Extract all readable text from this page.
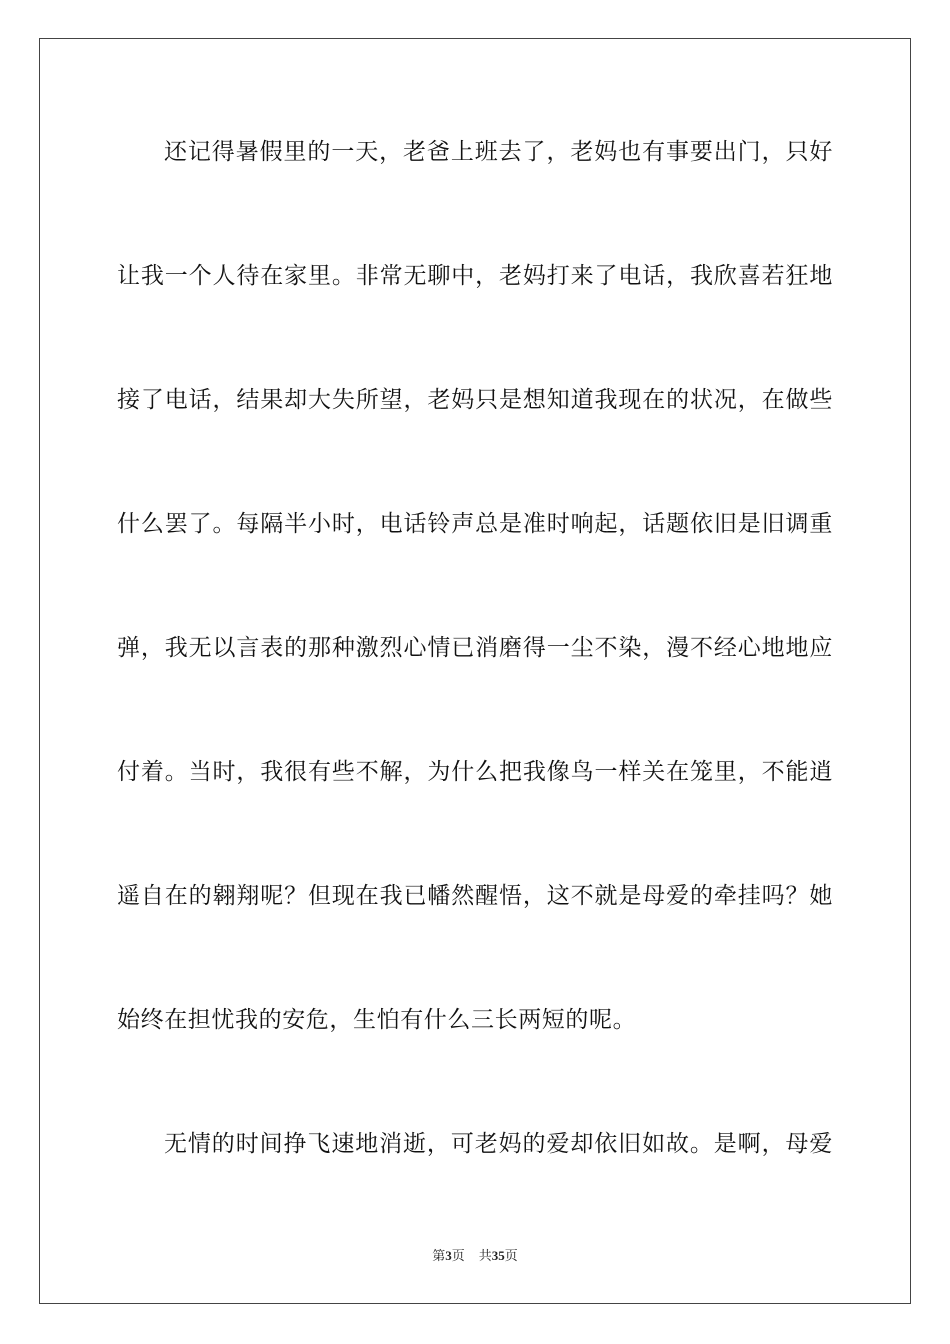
还记得暑假里的一天，老爸上班去了，老妈也有事要出门，只好
让我一个人待在家里。非常无聊中，老妈打来了电话，我欣喜若狂地
接了电话，结果却大失所望，老妈只是想知道我现在的状况，在做些
什么罢了。每隔半小时，电话铃声总是准时响起，话题依旧是旧调重
弹，我无以言表的那种激烈心情已消磨得一尘不染，漫不经心地地应
付着。当时，我很有些不解，为什么把我像鸟一样关在笼里，不能逍
遥自在的翱翔呢？但现在我已幡然醒悟，这不就是母爱的牵挂吗？她
始终在担忧我的安危，生怕有什么三长两短的呢。
无情的时间挣飞速地消逝，可老妈的爱却依旧如故。是啊，母爱
第3页 共35页
